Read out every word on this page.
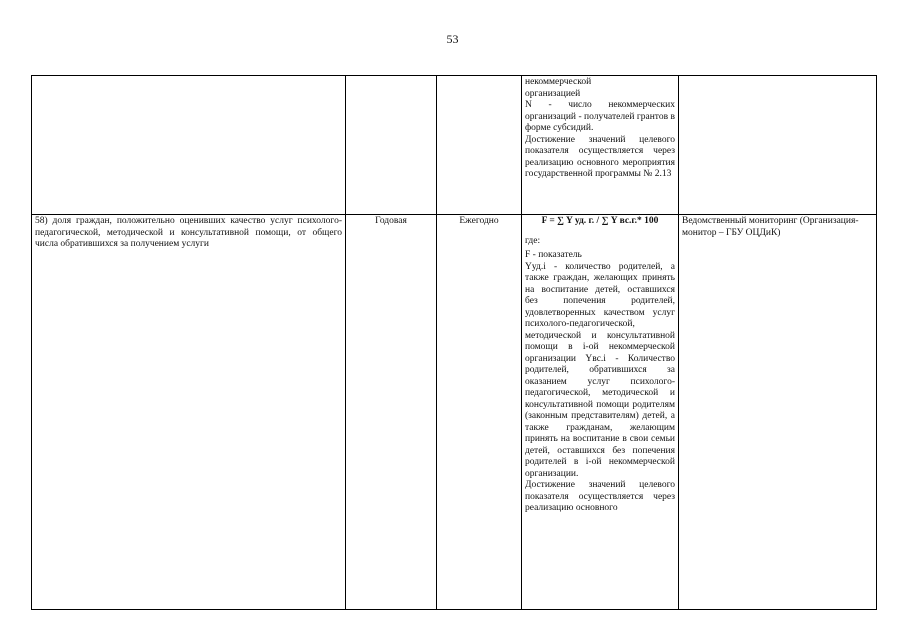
53

			некоммерческой
организацией
N - число некоммерческих организаций - получателей грантов в форме субсидий.
Достижение значений целевого показателя осуществляется через реализацию основного мероприятия государственной программы № 2.13	

58) доля граждан, положительно оценивших качество услуг психолого-педагогической, методической и консультативной помощи, от общего числа обратившихся за получением услуги	Годовая	Ежегодно	F = ∑ Y уд. г. / ∑ Y вс.г.* 100
где:
F - показатель
Yуд.i - количество родителей, а также граждан, желающих принять на воспитание детей, оставшихся без попечения родителей, удовлетворенных качеством услуг психолого-педагогической, методической и консультативной помощи в i-ой некоммерческой организации Yвс.i - Количество родителей, обратившихся за оказанием услуг психолого-педагогической, методической и консультативной помощи родителям (законным представителям) детей, а также гражданам, желающим принять на воспитание в свои семьи детей, оставшихся без попечения родителей в i-ой некоммерческой организации.
Достижение значений целевого показателя осуществляется через реализацию основного	Ведомственный мониторинг (Организация-монитор – ГБУ ОЦДиК)
